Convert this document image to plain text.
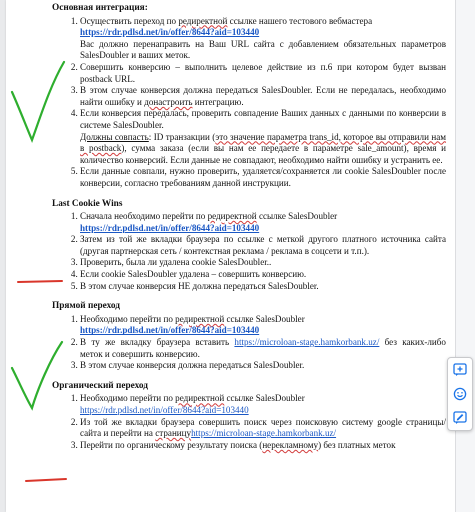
Основная интеграция:
1. Осуществить переход по редиректной ссылке нашего тестового вебмастера
https://rdr.pdlsd.net/in/offer/8644?aid=103440
Вас должно перенаправить на Ваш URL сайта с добавлением обязательных параметров SalesDoubler и ваших меток.
2. Совершить конверсию – выполнить целевое действие из п.6 при котором будет вызван postback URL.
3. В этом случае конверсия должна передаться SalesDoubler. Если не передалась, необходимо найти ошибку и донастроить интеграцию.
4. Если конверсия передалась, проверить совпадение Ваших данных с данными по конверсии в системе SalesDoubler.
Должны совпасть: ID транзакции (это значение параметра trans_id, которое вы отправили нам в postback), сумма заказа (если вы нам ее передаете в параметре sale_amount), время и количество конверсий. Если данные не совпадают, необходимо найти ошибку и устранить ее.
5. Если данные совпали, нужно проверить, удаляется/сохраняется ли cookie SalesDoubler после конверсии, согласно требованиям данной инструкции.
Last Cookie Wins
1. Сначала необходимо перейти по редиректной ссылке SalesDoubler
https://rdr.pdlsd.net/in/offer/8644?aid=103440
2. Затем из той же вкладки браузера по ссылке с меткой другого платного источника сайта (другая партнерская сеть / контекстная реклама / реклама в соцсети и т.п.).
3. Проверить, была ли удалена cookie SalesDoubler..
4. Если cookie SalesDoubler удалена – совершить конверсию.
5. В этом случае конверсия НЕ должна передаться SalesDoubler.
Прямой переход
1. Необходимо перейти по редиректной ссылке SalesDoubler
https://rdr.pdlsd.net/in/offer/8644?aid=103440
2. В ту же вкладку браузера вставить https://microloan-stage.hamkorbank.uz/ без каких-либо меток и совершить конверсию.
3. В этом случае конверсия должна передаться SalesDoubler.
Органический переход
1. Необходимо перейти по редиректной ссылке SalesDoubler
https://rdr.pdlsd.net/in/offer/8644?aid=103440
2. Из той же вкладки браузера совершить поиск через поисковую систему google страницы/сайта и перейти на страницуhttps://microloan-stage.hamkorbank.uz/
3. Перейти по органическому результату поиска (нерекламному) без платных меток
